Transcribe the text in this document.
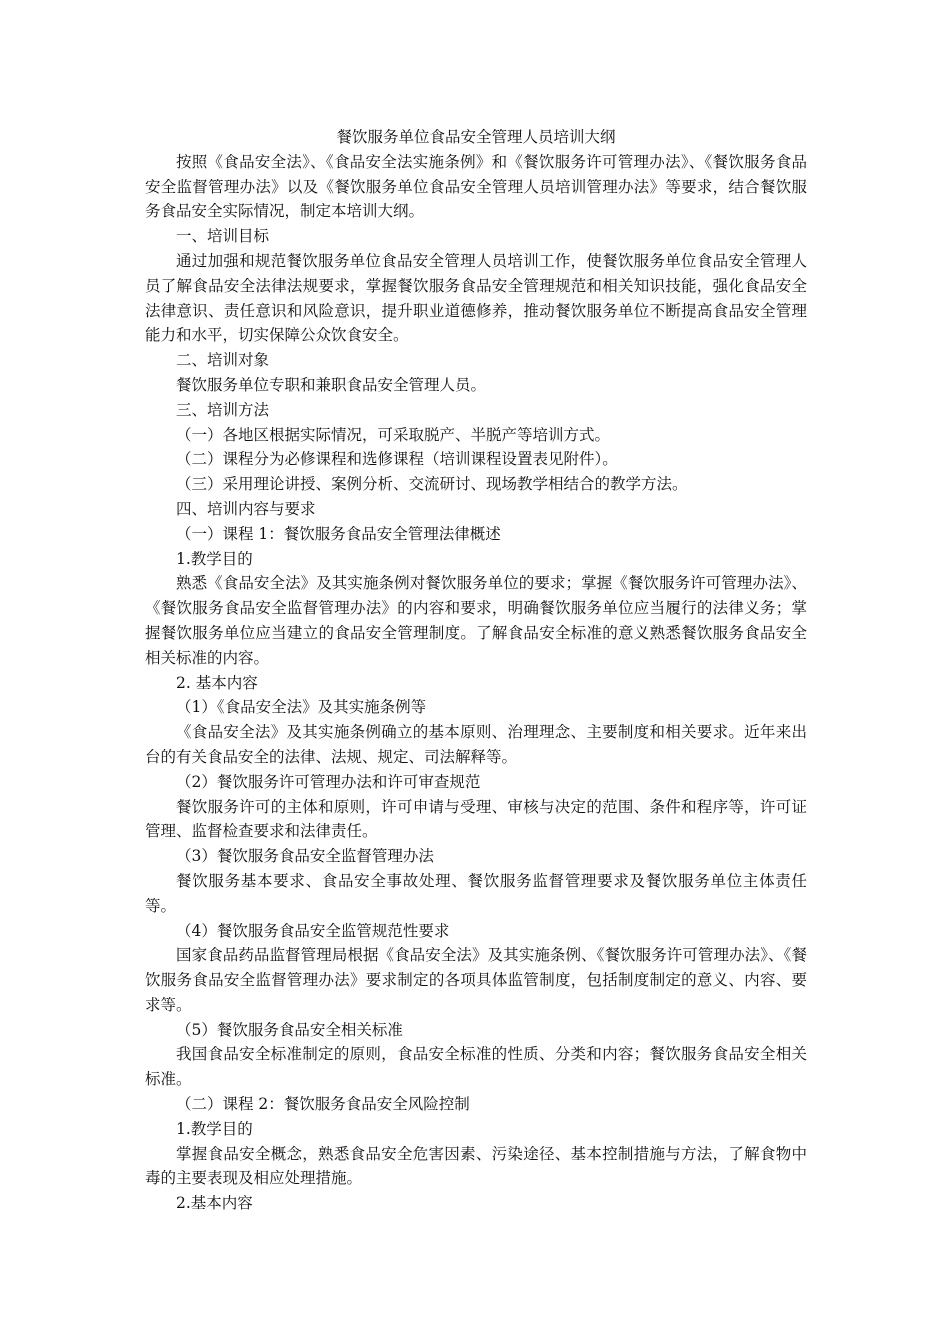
餐饮服务单位食品安全管理人员培训大纲

按照《食品安全法》、《食品安全法实施条例》和《餐饮服务许可管理办法》、《餐饮服务食品安全监督管理办法》以及《餐饮服务单位食品安全管理人员培训管理办法》等要求，结合餐饮服务食品安全实际情况，制定本培训大纲。

一、培训目标

通过加强和规范餐饮服务单位食品安全管理人员培训工作，使餐饮服务单位食品安全管理人员了解食品安全法律法规要求，掌握餐饮服务食品安全管理规范和相关知识技能，强化食品安全法律意识、责任意识和风险意识，提升职业道德修养，推动餐饮服务单位不断提高食品安全管理能力和水平，切实保障公众饮食安全。

二、培训对象

餐饮服务单位专职和兼职食品安全管理人员。

三、培训方法

（一）各地区根据实际情况，可采取脱产、半脱产等培训方式。

（二）课程分为必修课程和选修课程（培训课程设置表见附件）。

（三）采用理论讲授、案例分析、交流研讨、现场教学相结合的教学方法。

四、培训内容与要求

（一）课程 1：餐饮服务食品安全管理法律概述

1.教学目的

熟悉《食品安全法》及其实施条例对餐饮服务单位的要求；掌握《餐饮服务许可管理办法》、《餐饮服务食品安全监督管理办法》的内容和要求，明确餐饮服务单位应当履行的法律义务；掌握餐饮服务单位应当建立的食品安全管理制度。了解食品安全标准的意义熟悉餐饮服务食品安全相关标准的内容。

2. 基本内容

（1）《食品安全法》及其实施条例等

《食品安全法》及其实施条例确立的基本原则、治理理念、主要制度和相关要求。近年来出台的有关食品安全的法律、法规、规定、司法解释等。

（2）餐饮服务许可管理办法和许可审查规范

餐饮服务许可的主体和原则，许可申请与受理、审核与决定的范围、条件和程序等，许可证管理、监督检查要求和法律责任。

（3）餐饮服务食品安全监督管理办法

餐饮服务基本要求、食品安全事故处理、餐饮服务监督管理要求及餐饮服务单位主体责任等。

（4）餐饮服务食品安全监管规范性要求

国家食品药品监督管理局根据《食品安全法》及其实施条例、《餐饮服务许可管理办法》、《餐饮服务食品安全监督管理办法》要求制定的各项具体监管制度，包括制度制定的意义、内容、要求等。

（5）餐饮服务食品安全相关标准

我国食品安全标准制定的原则，食品安全标准的性质、分类和内容；餐饮服务食品安全相关标准。

（二）课程 2：餐饮服务食品安全风险控制

1.教学目的

掌握食品安全概念，熟悉食品安全危害因素、污染途径、基本控制措施与方法，了解食物中毒的主要表现及相应处理措施。

2.基本内容
